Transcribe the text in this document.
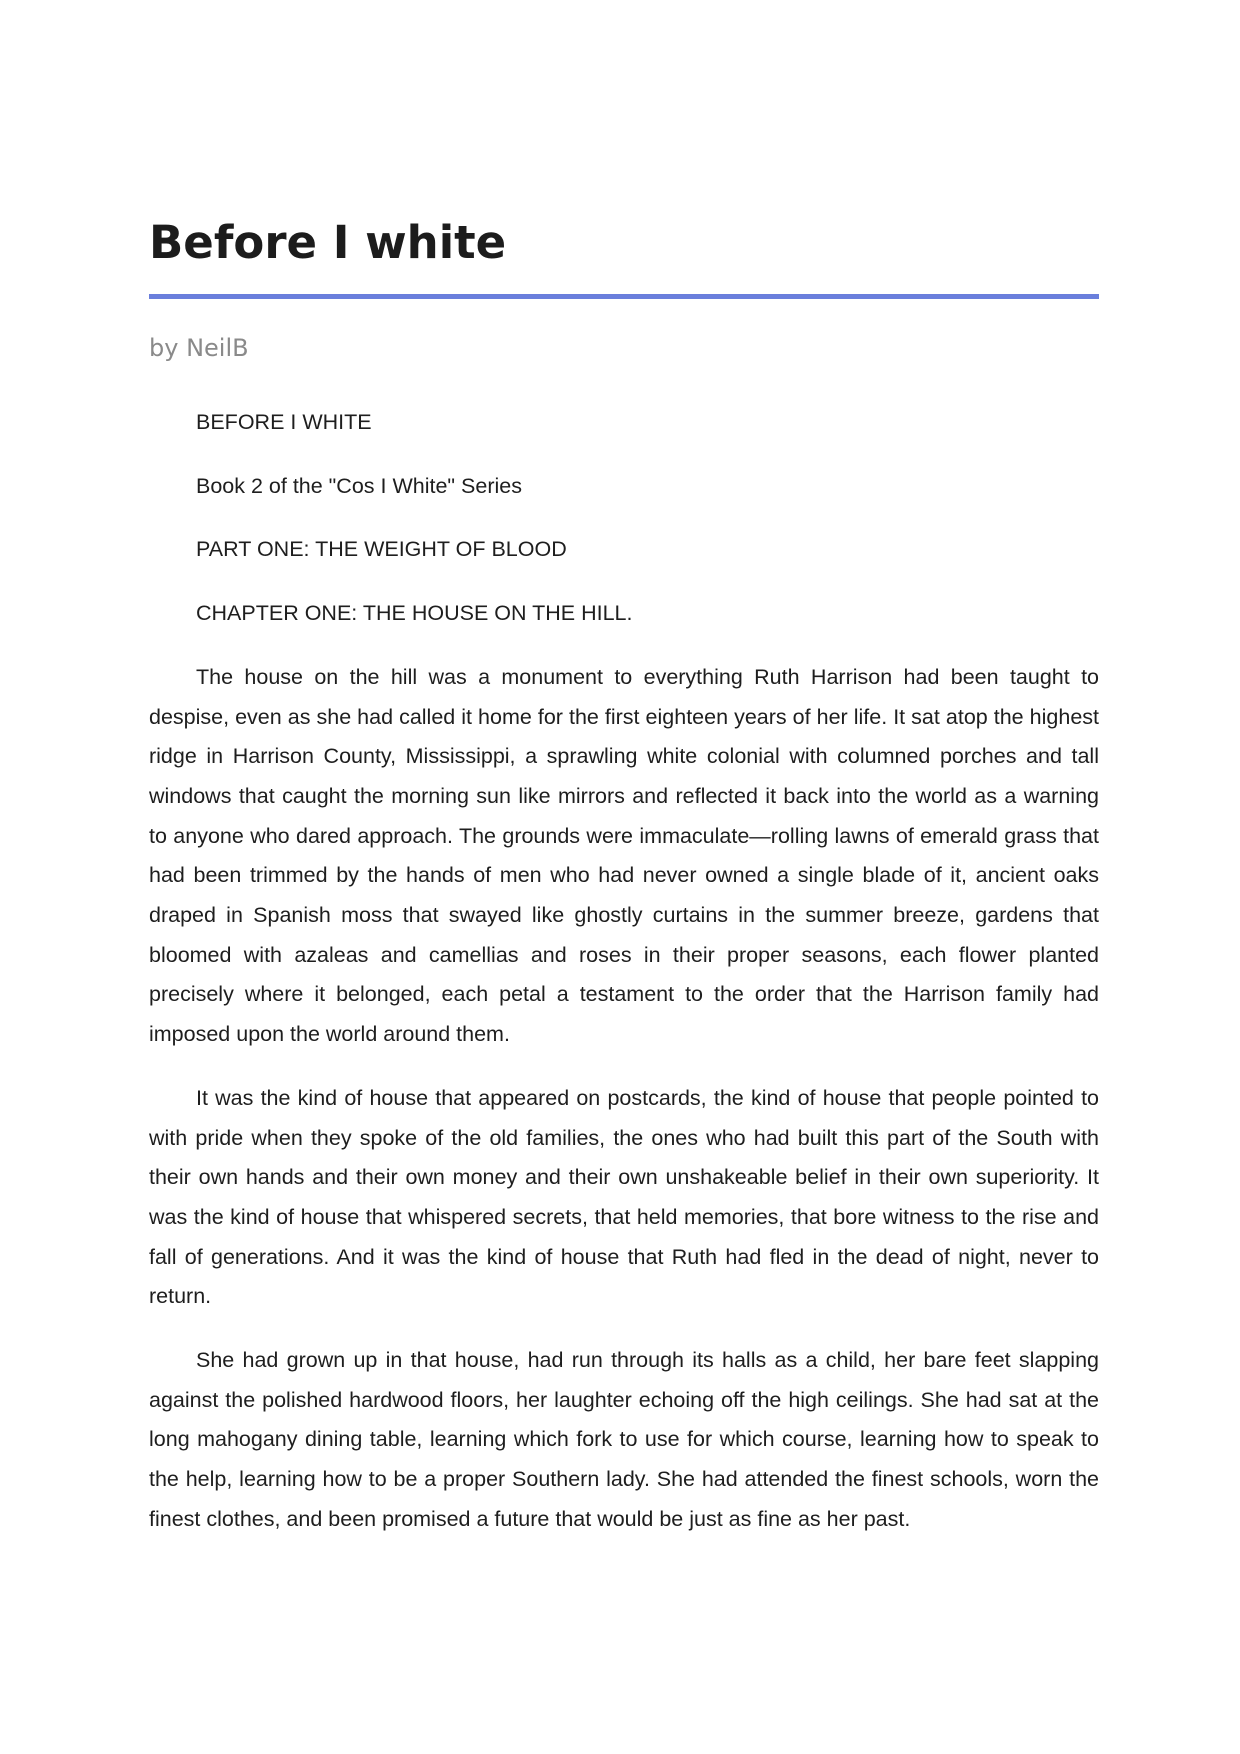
Before I white
by NeilB

BEFORE I WHITE

Book 2 of the "Cos I White" Series

PART ONE: THE WEIGHT OF BLOOD

CHAPTER ONE: THE HOUSE ON THE HILL.

The house on the hill was a monument to everything Ruth Harrison had been taught to despise, even as she had called it home for the first eighteen years of her life. It sat atop the highest ridge in Harrison County, Mississippi, a sprawling white colonial with columned porches and tall windows that caught the morning sun like mirrors and reflected it back into the world as a warning to anyone who dared approach. The grounds were immaculate—rolling lawns of emerald grass that had been trimmed by the hands of men who had never owned a single blade of it, ancient oaks draped in Spanish moss that swayed like ghostly curtains in the summer breeze, gardens that bloomed with azaleas and camellias and roses in their proper seasons, each flower planted precisely where it belonged, each petal a testament to the order that the Harrison family had imposed upon the world around them.

It was the kind of house that appeared on postcards, the kind of house that people pointed to with pride when they spoke of the old families, the ones who had built this part of the South with their own hands and their own money and their own unshakeable belief in their own superiority. It was the kind of house that whispered secrets, that held memories, that bore witness to the rise and fall of generations. And it was the kind of house that Ruth had fled in the dead of night, never to return.

She had grown up in that house, had run through its halls as a child, her bare feet slapping against the polished hardwood floors, her laughter echoing off the high ceilings. She had sat at the long mahogany dining table, learning which fork to use for which course, learning how to speak to the help, learning how to be a proper Southern lady. She had attended the finest schools, worn the finest clothes, and been promised a future that would be just as fine as her past.
